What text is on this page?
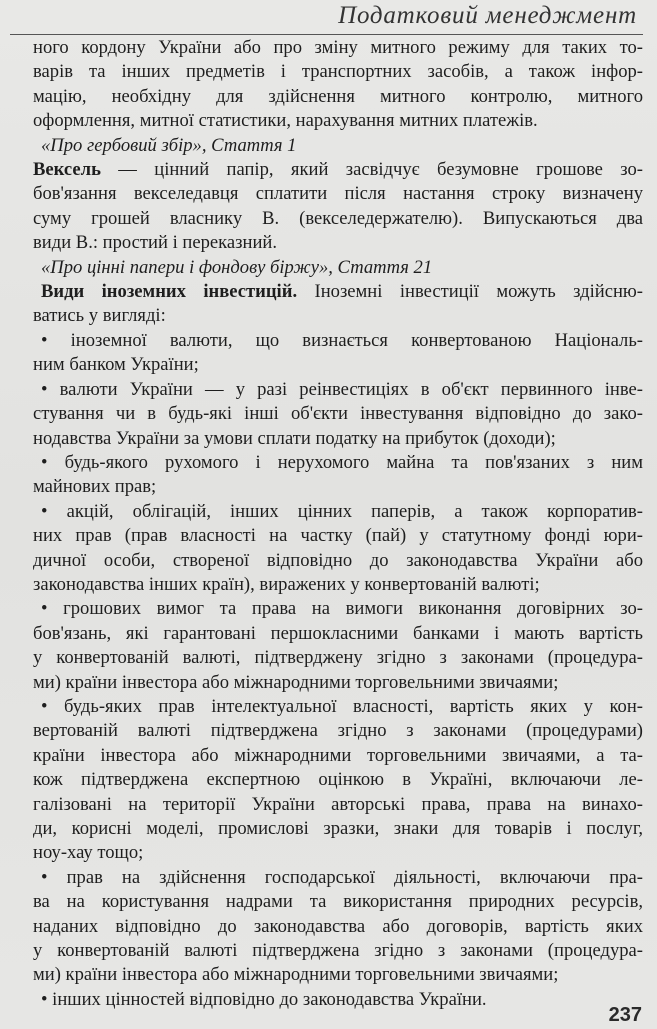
Податковий менеджмент
ного кордону України або про зміну митного режиму для таких то-
варів та інших предметів і транспортних засобів, а також інфор-
мацію, необхідну для здійснення митного контролю, митного
оформлення, митної статистики, нарахування митних платежів.
«Про гербовий збір», Стаття 1
Вексель — цінний папір, який засвідчує безумовне грошове зо-
бов'язання векселедавця сплатити після настання строку визначену
суму грошей власнику В. (векселедержателю). Випускаються два
види В.: простий і переказний.
«Про цінні папери і фондову біржу», Стаття 21
Види іноземних інвестицій. Іноземні інвестиції можуть здійсню-
ватись у вигляді:
• іноземної валюти, що визнається конвертованою Національ-
ним банком України;
• валюти України — у разі реінвестиціях в об'єкт первинного інве-
стування чи в будь-які інші об'єкти інвестування відповідно до зако-
нодавства України за умови сплати податку на прибуток (доходи);
• будь-якого рухомого і нерухомого майна та пов'язаних з ним
майнових прав;
• акцій, облігацій, інших цінних паперів, а також корпоратив-
них прав (прав власності на частку (пай) у статутному фонді юри-
дичної особи, створеної відповідно до законодавства України або
законодавства інших країн), виражених у конвертованій валюті;
• грошових вимог та права на вимоги виконання договірних зо-
бов'язань, які гарантовані першокласними банками і мають вартість
у конвертованій валюті, підтверджену згідно з законами (процедура-
ми) країни інвестора або міжнародними торговельними звичаями;
• будь-яких прав інтелектуальної власності, вартість яких у кон-
вертованій валюті підтверджена згідно з законами (процедурами)
країни інвестора або міжнародними торговельними звичаями, а та-
кож підтверджена експертною оцінкою в Україні, включаючи ле-
галізовані на території України авторські права, права на винахо-
ди, корисні моделі, промислові зразки, знаки для товарів і послуг,
ноу-хау тощо;
• прав на здійснення господарської діяльності, включаючи пра-
ва на користування надрами та використання природних ресурсів,
наданих відповідно до законодавства або договорів, вартість яких
у конвертованій валюті підтверджена згідно з законами (процедура-
ми) країни інвестора або міжнародними торговельними звичаями;
• інших цінностей відповідно до законодавства України.
237
